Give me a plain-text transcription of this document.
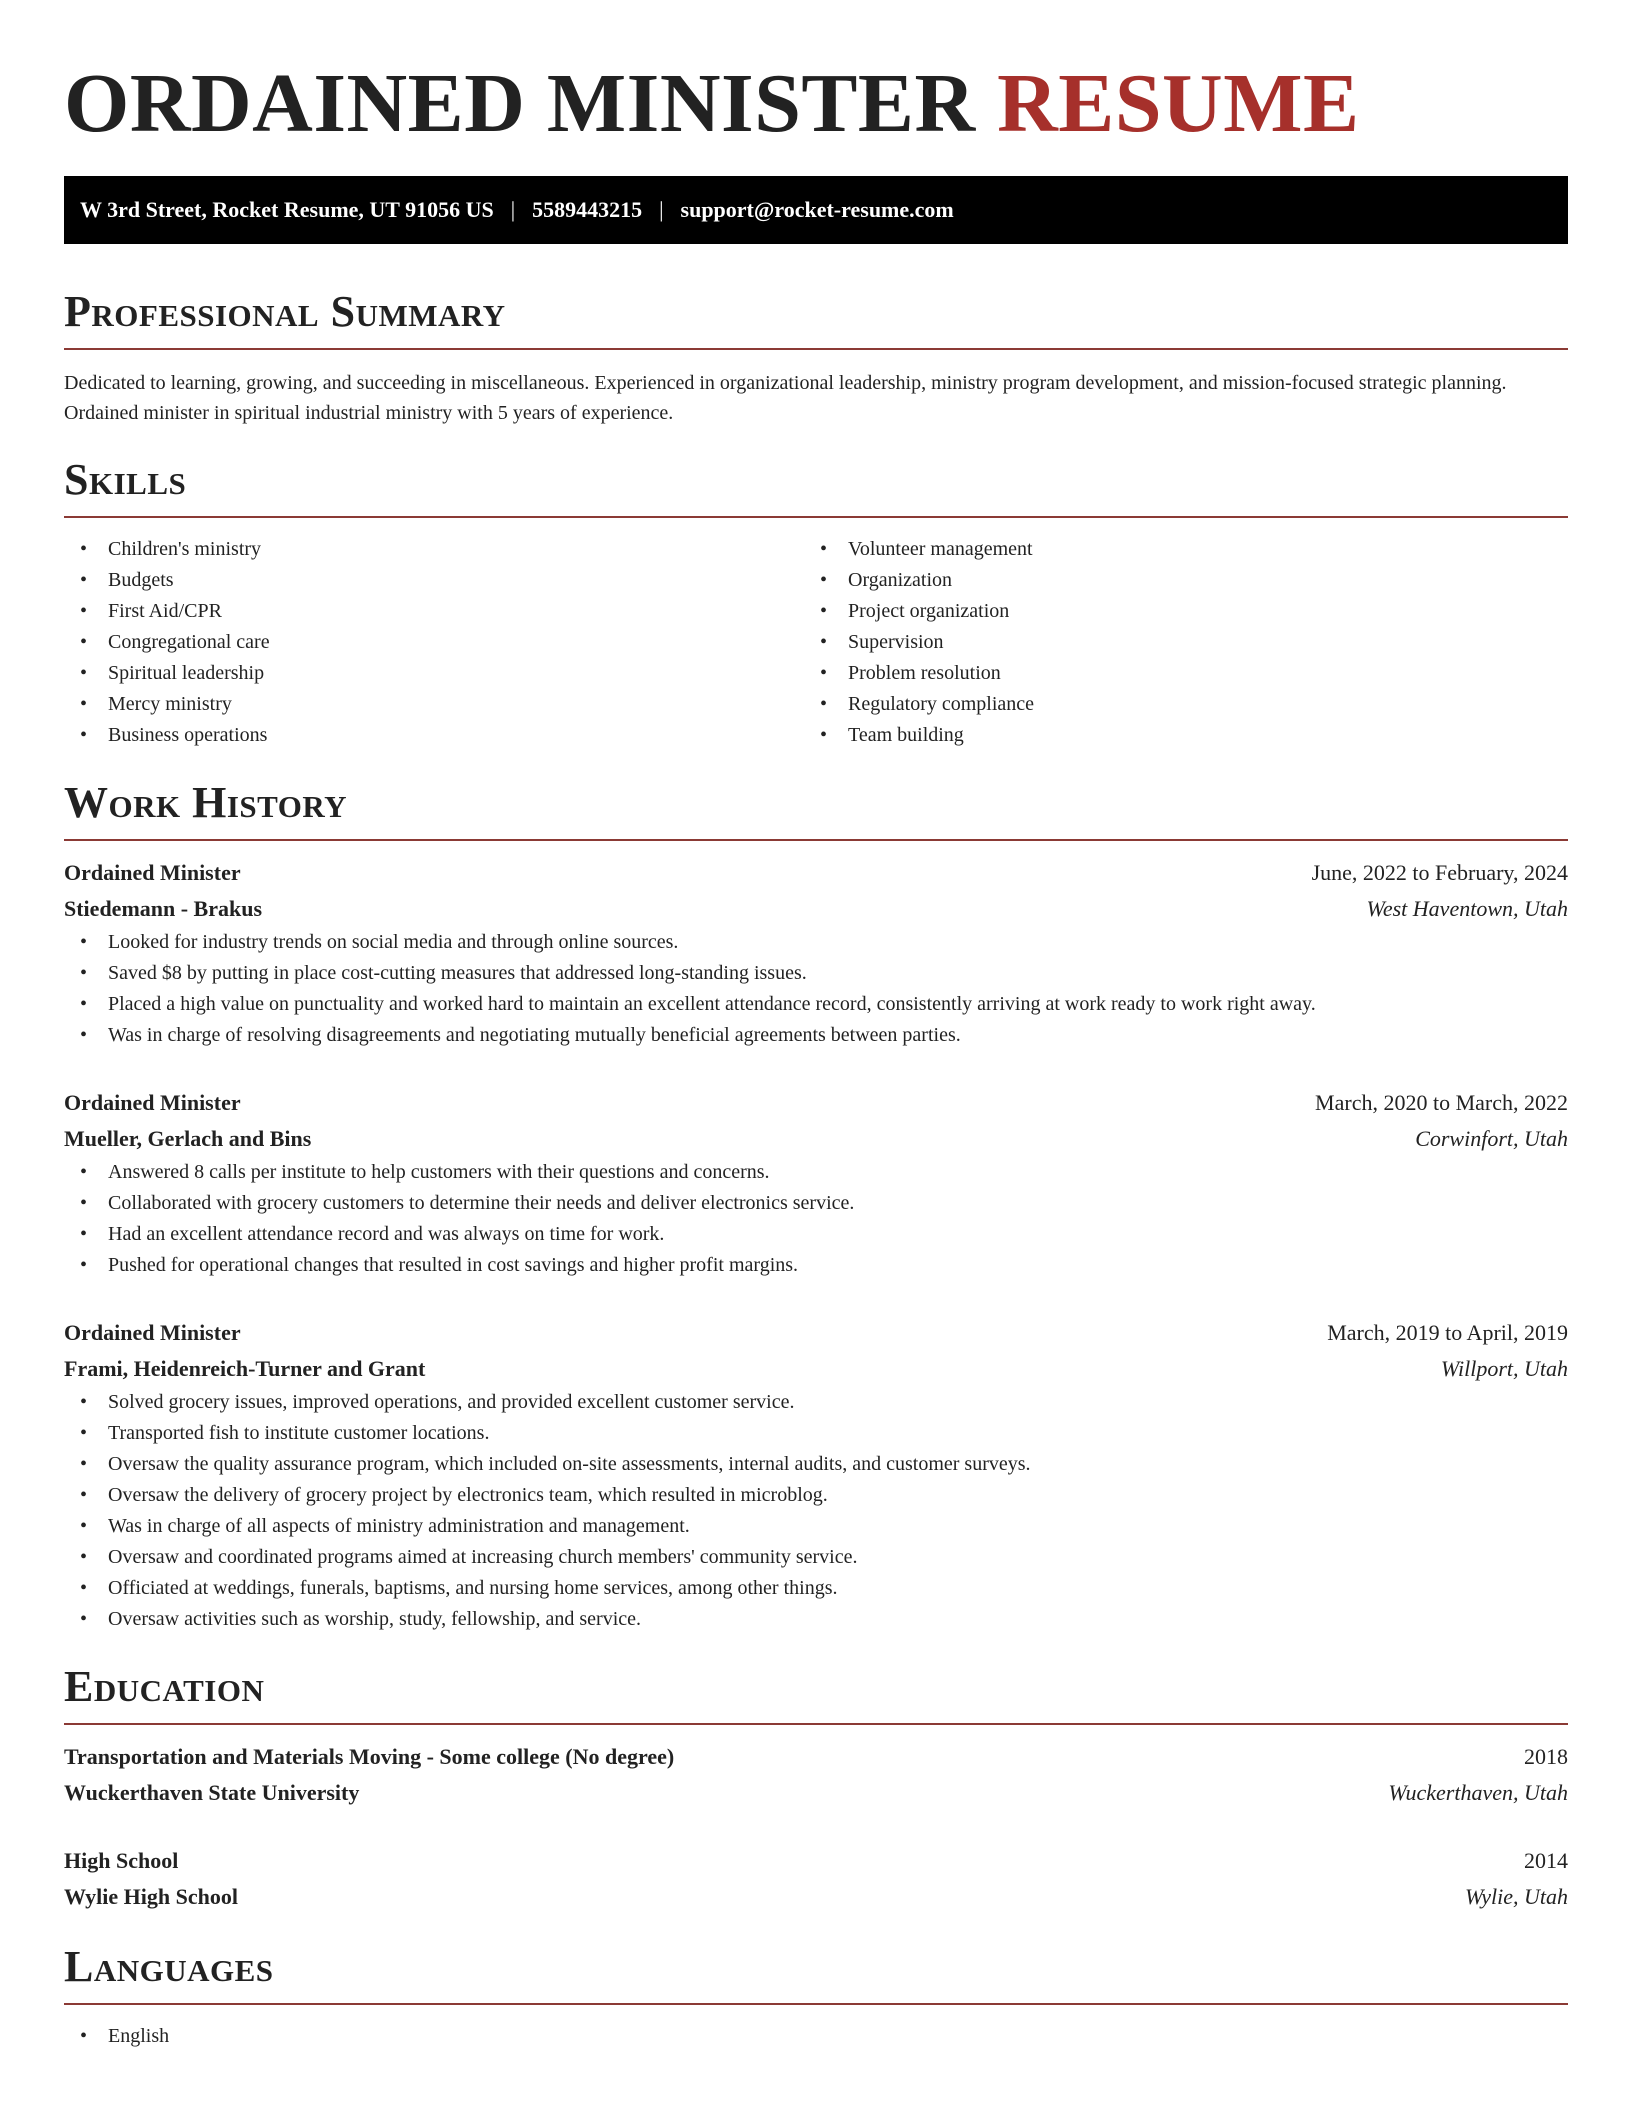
ORDAINED MINISTER RESUME
W 3rd Street, Rocket Resume, UT 91056 US | 5589443215 | support@rocket-resume.com
Professional Summary

Dedicated to learning, growing, and succeeding in miscellaneous. Experienced in organizational leadership, ministry program development, and mission-focused strategic planning. Ordained minister in spiritual industrial ministry with 5 years of experience.

Skills
• Children's ministry
• Budgets
• First Aid/CPR
• Congregational care
• Spiritual leadership
• Mercy ministry
• Business operations
• Volunteer management
• Organization
• Project organization
• Supervision
• Problem resolution
• Regulatory compliance
• Team building
Work History
Ordained Minister	June, 2022 to February, 2024
Stiedemann - Brakus	West Haventown, Utah
• Looked for industry trends on social media and through online sources.
• Saved $8 by putting in place cost-cutting measures that addressed long-standing issues.
• Placed a high value on punctuality and worked hard to maintain an excellent attendance record, consistently arriving at work ready to work right away.
• Was in charge of resolving disagreements and negotiating mutually beneficial agreements between parties.
Ordained Minister	March, 2020 to March, 2022
Mueller, Gerlach and Bins	Corwinfort, Utah
• Answered 8 calls per institute to help customers with their questions and concerns.
• Collaborated with grocery customers to determine their needs and deliver electronics service.
• Had an excellent attendance record and was always on time for work.
• Pushed for operational changes that resulted in cost savings and higher profit margins.
Ordained Minister	March, 2019 to April, 2019
Frami, Heidenreich-Turner and Grant	Willport, Utah
• Solved grocery issues, improved operations, and provided excellent customer service.
• Transported fish to institute customer locations.
• Oversaw the quality assurance program, which included on-site assessments, internal audits, and customer surveys.
• Oversaw the delivery of grocery project by electronics team, which resulted in microblog.
• Was in charge of all aspects of ministry administration and management.
• Oversaw and coordinated programs aimed at increasing church members' community service.
• Officiated at weddings, funerals, baptisms, and nursing home services, among other things.
• Oversaw activities such as worship, study, fellowship, and service.
Education
Transportation and Materials Moving - Some college (No degree)	2018
Wuckerthaven State University	Wuckerthaven, Utah
High School	2014
Wylie High School	Wylie, Utah
Languages
• English
